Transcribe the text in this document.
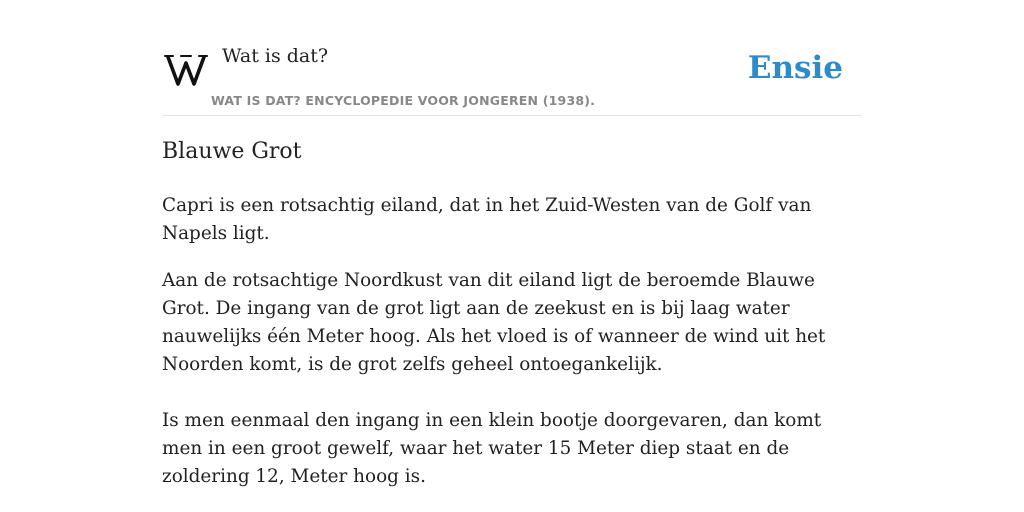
Wat is dat?
WAT IS DAT? ENCYCLOPEDIE VOOR JONGEREN (1938).
Ensie
Blauwe Grot

Capri is een rotsachtig eiland, dat in het Zuid-Westen van de Golf van Napels ligt.

Aan de rotsachtige Noordkust van dit eiland ligt de beroemde Blauwe Grot. De ingang van de grot ligt aan de zeekust en is bij laag water nauwelijks één Meter hoog. Als het vloed is of wanneer de wind uit het Noorden komt, is de grot zelfs geheel ontoegankelijk.

Is men eenmaal den ingang in een klein bootje doorgevaren, dan komt men in een groot gewelf, waar het water 15 Meter diep staat en de zoldering 12, Meter hoog is.
